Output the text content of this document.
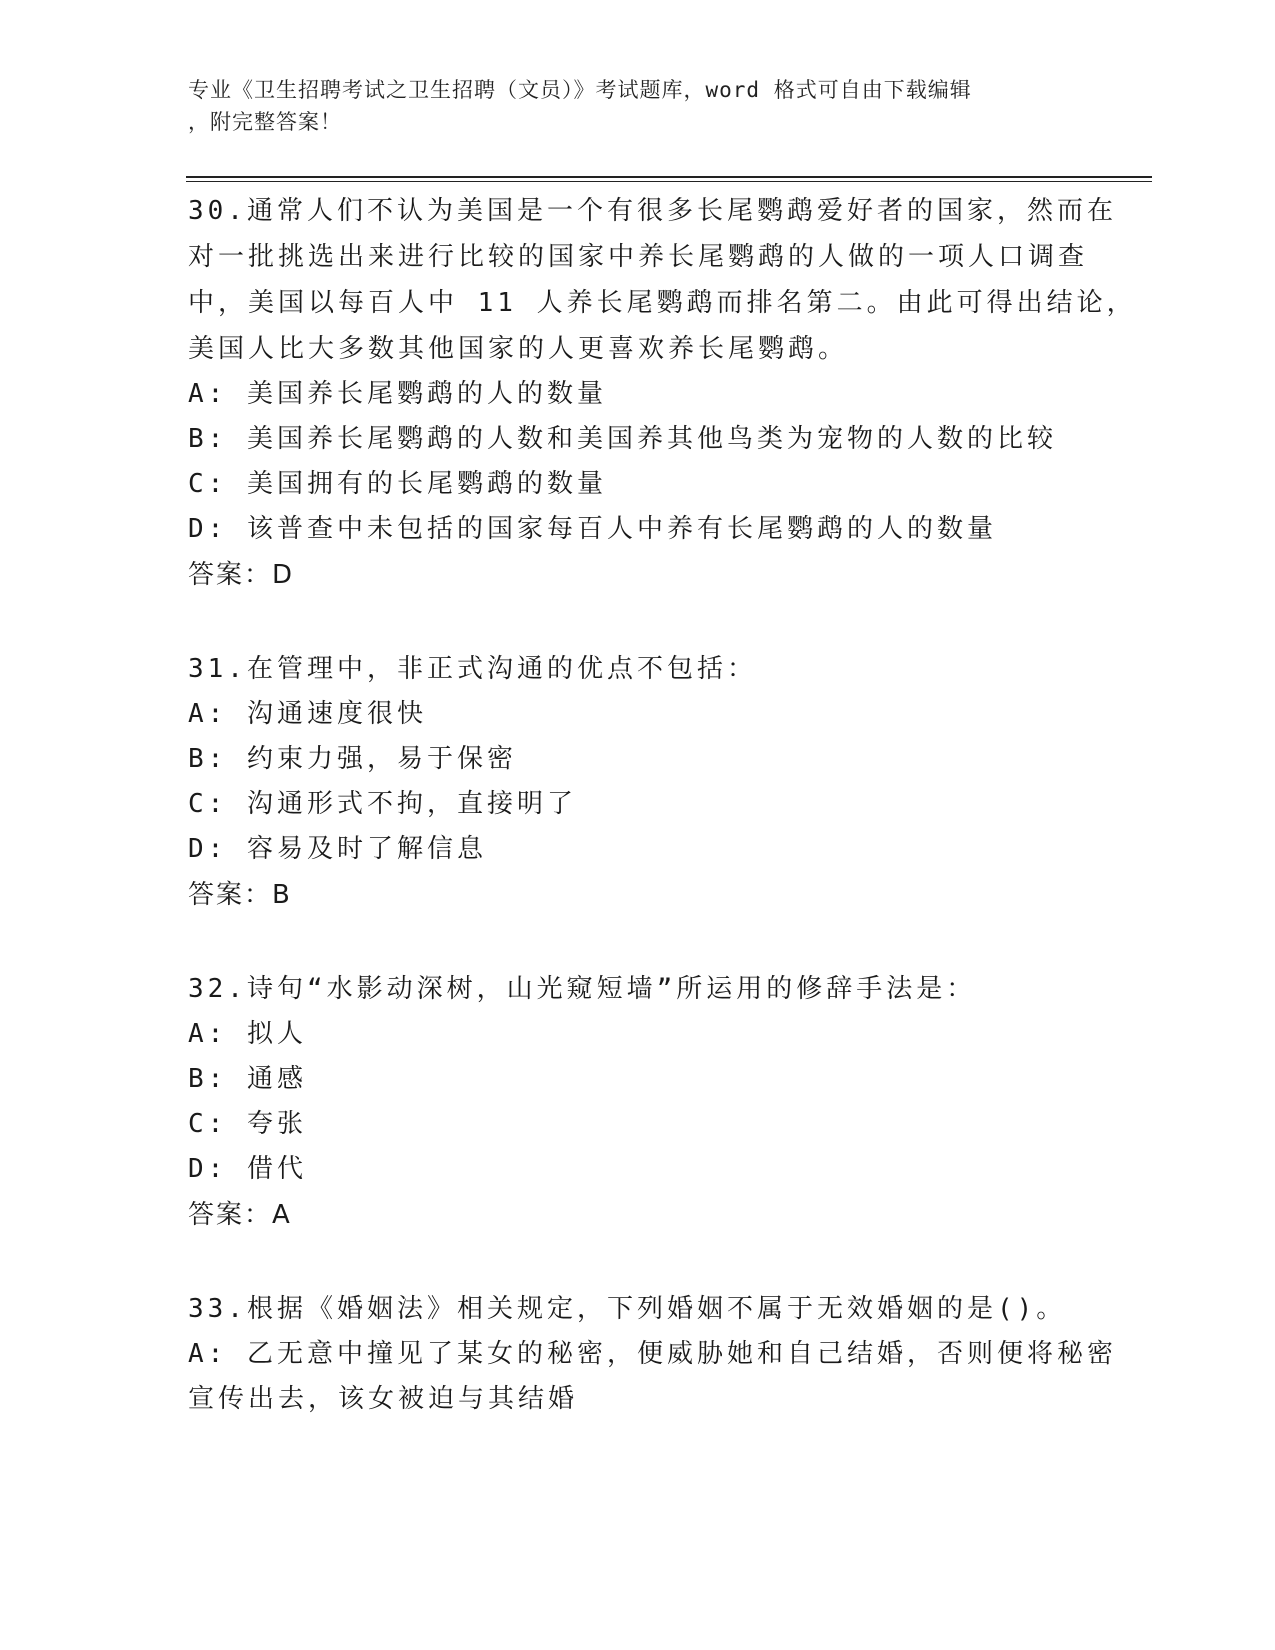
专业《卫生招聘考试之卫生招聘（文员）》考试题库，word 格式可自由下载编辑
，附完整答案！
30.通常人们不认为美国是一个有很多长尾鹦鹉爱好者的国家，然而在
对一批挑选出来进行比较的国家中养长尾鹦鹉的人做的一项人口调查
中，美国以每百人中 11 人养长尾鹦鹉而排名第二。由此可得出结论，
美国人比大多数其他国家的人更喜欢养长尾鹦鹉。
A: 美国养长尾鹦鹉的人的数量
B: 美国养长尾鹦鹉的人数和美国养其他鸟类为宠物的人数的比较
C: 美国拥有的长尾鹦鹉的数量
D: 该普查中未包括的国家每百人中养有长尾鹦鹉的人的数量
答案：D
31.在管理中，非正式沟通的优点不包括：
A: 沟通速度很快
B: 约束力强，易于保密
C: 沟通形式不拘，直接明了
D: 容易及时了解信息
答案：B
32.诗句“水影动深树，山光窥短墙”所运用的修辞手法是：
A: 拟人
B: 通感
C: 夸张
D: 借代
答案：A
33.根据《婚姻法》相关规定，下列婚姻不属于无效婚姻的是()。
A: 乙无意中撞见了某女的秘密，便威胁她和自己结婚，否则便将秘密
宣传出去，该女被迫与其结婚
